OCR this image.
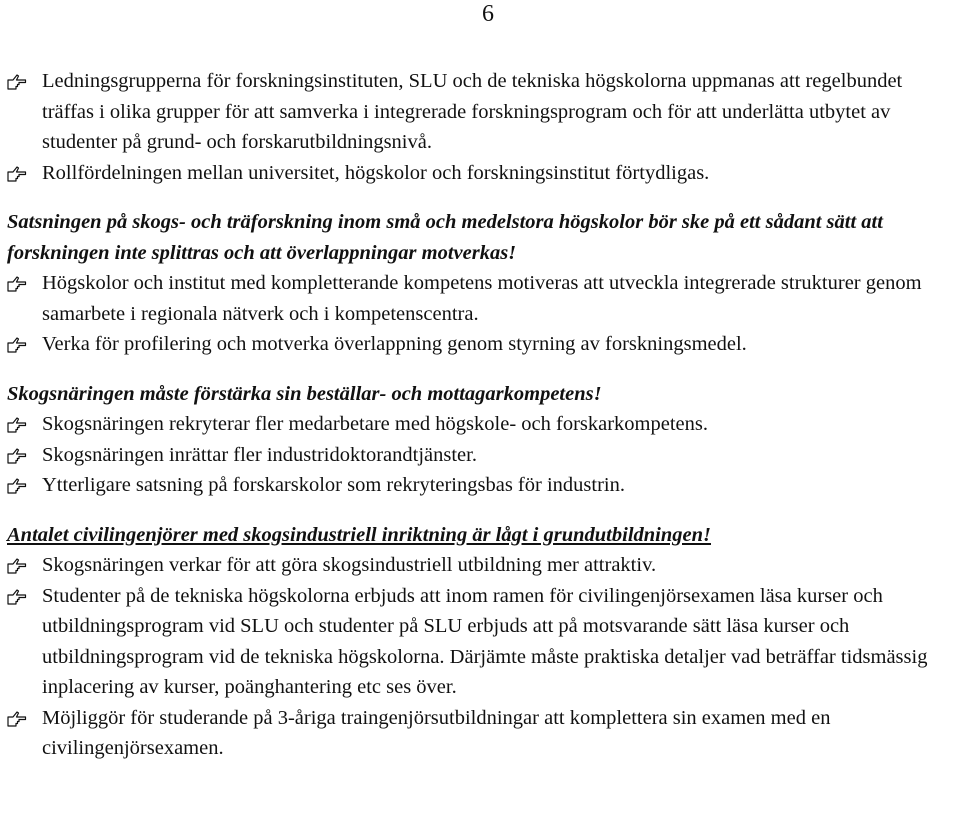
6
Ledningsgrupperna för forskningsinstituten, SLU och de tekniska högskolorna uppmanas att regelbundet träffas i olika grupper för att samverka i integrerade forskningsprogram och för att underlätta utbytet av studenter på grund- och forskarutbildningsnivå.
Rollfördelningen mellan universitet, högskolor och forskningsinstitut förtydligas.
Satsningen på skogs- och träforskning inom små och medelstora högskolor bör ske på ett sådant sätt att forskningen inte splittras och att överlappningar motverkas!
Högskolor och institut med kompletterande kompetens motiveras att utveckla integrerade strukturer genom samarbete i regionala nätverk och i kompetenscentra.
Verka för profilering och motverka överlappning genom styrning av forskningsmedel.
Skogsnäringen måste förstärka sin beställar- och mottagarkompetens!
Skogsnäringen rekryterar fler medarbetare med högskole- och forskarkompetens.
Skogsnäringen inrättar fler industridoktorandtjänster.
Ytterligare satsning på forskarskolor som rekryteringsbas för industrin.
Antalet civilingenjörer med skogsindustriell inriktning är lågt i grundutbildningen!
Skogsnäringen verkar för att göra skogsindustriell utbildning mer attraktiv.
Studenter på de tekniska högskolorna erbjuds att inom ramen för civilingenjörsexamen läsa kurser och utbildningsprogram vid SLU och studenter på SLU erbjuds att på motsvarande sätt läsa kurser och utbildningsprogram vid de tekniska högskolorna. Därjämte måste praktiska detaljer vad beträffar tidsmässig inplacering av kurser, poänghantering etc ses över.
Möjliggör för studerande på 3-åriga traingenjörsutbildningar att komplettera sin examen med en civilingenjörsexamen.
